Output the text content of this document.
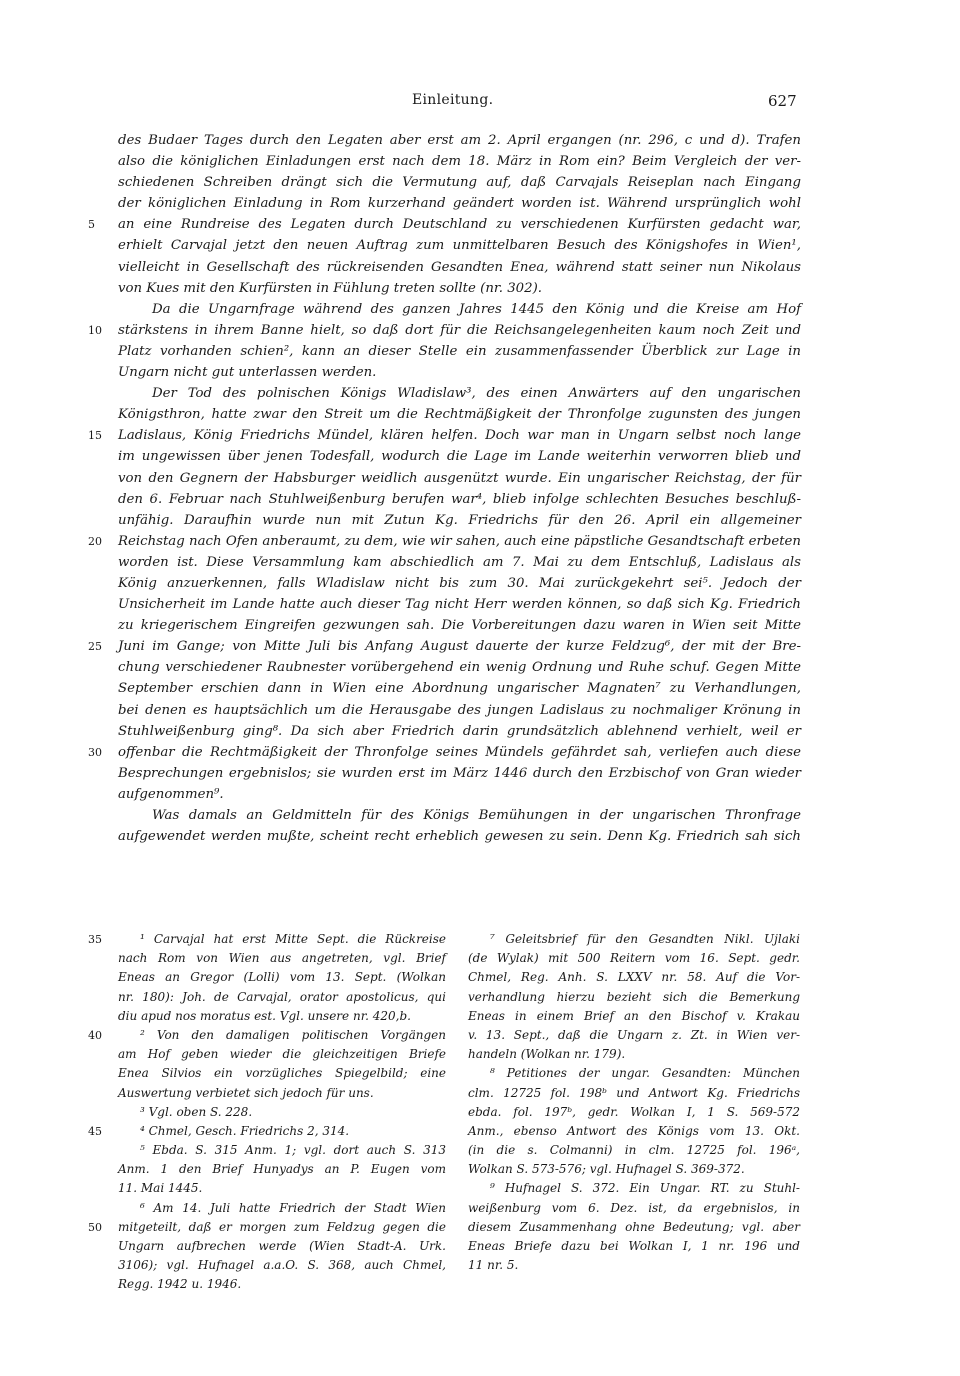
Einleitung.	627
des Budaer Tages durch den Legaten aber erst am 2. April ergangen (nr. 296, c und d). Trafen
also die königlichen Einladungen erst nach dem 18. März in Rom ein? Beim Vergleich der ver-
schiedenen Schreiben drängt sich die Vermutung auf, daß Carvajals Reiseplan nach Eingang
der königlichen Einladung in Rom kurzerhand geändert worden ist. Während ursprünglich wohl
5 an eine Rundreise des Legaten durch Deutschland zu verschiedenen Kurfürsten gedacht war,
erhielt Carvajal jetzt den neuen Auftrag zum unmittelbaren Besuch des Königshofes in Wien¹,
vielleicht in Gesellschaft des rückreisenden Gesandten Enea, während statt seiner nun Nikolaus
von Kues mit den Kurfürsten in Fühlung treten sollte (nr. 302).
Da die Ungarnfrage während des ganzen Jahres 1445 den König und die Kreise am Hof
10 stärkstens in ihrem Banne hielt, so daß dort für die Reichsangelegenheiten kaum noch Zeit und
Platz vorhanden schien², kann an dieser Stelle ein zusammenfassender Überblick zur Lage in
Ungarn nicht gut unterlassen werden.
Der Tod des polnischen Königs Wladislaw³, des einen Anwärters auf den ungarischen
Königsthron, hatte zwar den Streit um die Rechtmäßigkeit der Thronfolge zugunsten des jungen
15 Ladislaus, König Friedrichs Mündel, klären helfen. Doch war man in Ungarn selbst noch lange
im ungewissen über jenen Todesfall, wodurch die Lage im Lande weiterhin verworren blieb und
von den Gegnern der Habsburger weidlich ausgenützt wurde. Ein ungarischer Reichstag, der für
den 6. Februar nach Stuhlweißenburg berufen war⁴, blieb infolge schlechten Besuches beschluß-
unfähig. Daraufhin wurde nun mit Zutun Kg. Friedrichs für den 26. April ein allgemeiner
20 Reichstag nach Ofen anberaumt, zu dem, wie wir sahen, auch eine päpstliche Gesandtschaft erbeten
worden ist. Diese Versammlung kam abschiedlich am 7. Mai zu dem Entschluß, Ladislaus als
König anzuerkennen, falls Wladislaw nicht bis zum 30. Mai zurückgekehrt sei⁵. Jedoch der
Unsicherheit im Lande hatte auch dieser Tag nicht Herr werden können, so daß sich Kg. Friedrich
zu kriegerischem Eingreifen gezwungen sah. Die Vorbereitungen dazu waren in Wien seit Mitte
25 Juni im Gange; von Mitte Juli bis Anfang August dauerte der kurze Feldzug⁶, der mit der Bre-
chung verschiedener Raubnester vorübergehend ein wenig Ordnung und Ruhe schuf. Gegen Mitte
September erschien dann in Wien eine Abordnung ungarischer Magnaten⁷ zu Verhandlungen,
bei denen es hauptsächlich um die Herausgabe des jungen Ladislaus zu nochmaliger Krönung in
Stuhlweißenburg ging⁸. Da sich aber Friedrich darin grundsätzlich ablehnend verhielt, weil er
30 offenbar die Rechtmäßigkeit der Thronfolge seines Mündels gefährdet sah, verliefen auch diese
Besprechungen ergebnislos; sie wurden erst im März 1446 durch den Erzbischof von Gran wieder
aufgenommen⁹.
Was damals an Geldmitteln für des Königs Bemühungen in der ungarischen Thronfrage
aufgewendet werden mußte, scheint recht erheblich gewesen zu sein. Denn Kg. Friedrich sah sich
35	¹ Carvajal hat erst Mitte Sept. die Rückreise
nach Rom von Wien aus angetreten, vgl. Brief
Eneas an Gregor (Lolli) vom 13. Sept. (Wolkan
nr. 180): Joh. de Carvajal, orator apostolicus, qui
diu apud nos moratus est. Vgl. unsere nr. 420,b.
40	² Von den damaligen politischen Vorgängen
am Hof geben wieder die gleichzeitigen Briefe
Enea Silvios ein vorzügliches Spiegelbild; eine
Auswertung verbietet sich jedoch für uns.
³ Vgl. oben S. 228.
45	⁴ Chmel, Gesch. Friedrichs 2, 314.
⁵ Ebda. S. 315 Anm. 1; vgl. dort auch S. 313
Anm. 1 den Brief Hunyadys an P. Eugen vom
11. Mai 1445.
⁶ Am 14. Juli hatte Friedrich der Stadt Wien
50 mitgeteilt, daß er morgen zum Feldzug gegen die
Ungarn aufbrechen werde (Wien Stadt-A. Urk.
3106); vgl. Hufnagel a.a.O. S. 368, auch Chmel,
Regg. 1942 u. 1946.
⁷ Geleitsbrief für den Gesandten Nikl. Ujlaki
(de Wylak) mit 500 Reitern vom 16. Sept. gedr.
Chmel, Reg. Anh. S. LXXV nr. 58. Auf die Vor-
verhandlung hierzu bezieht sich die Bemerkung
Eneas in einem Brief an den Bischof v. Krakau
v. 13. Sept., daß die Ungarn z. Zt. in Wien ver-
handeln (Wolkan nr. 179).
⁸ Petitiones der ungar. Gesandten: München
clm. 12725 fol. 198ᵇ und Antwort Kg. Friedrichs
ebda. fol. 197ᵇ, gedr. Wolkan I, 1 S. 569-572
Anm., ebenso Antwort des Königs vom 13. Okt.
(in die s. Colmanni) in clm. 12725 fol. 196ᵃ,
Wolkan S. 573-576; vgl. Hufnagel S. 369-372.
⁹ Hufnagel S. 372. Ein Ungar. RT. zu Stuhl-
weißenburg vom 6. Dez. ist, da ergebnislos, in
diesem Zusammenhang ohne Bedeutung; vgl. aber
Eneas Briefe dazu bei Wolkan I, 1 nr. 196 und
11 nr. 5.
